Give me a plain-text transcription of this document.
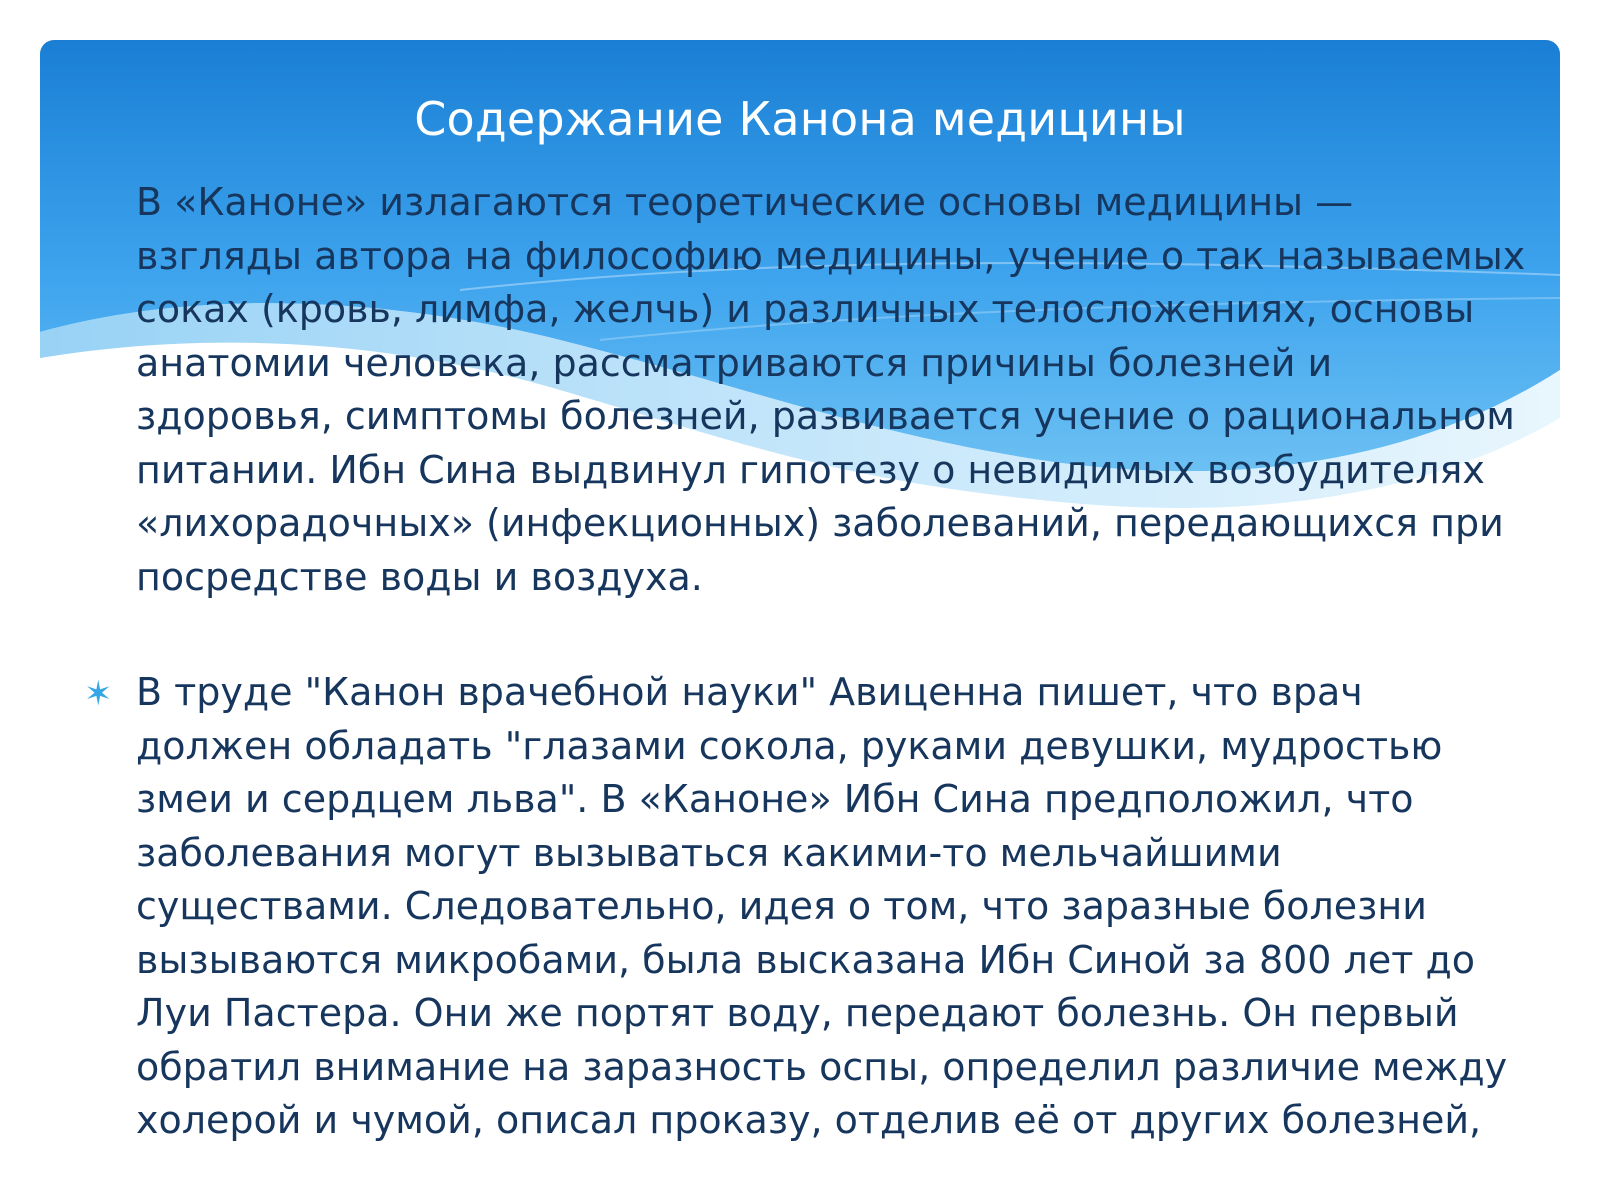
Содержание Канона медицины

В «Каноне» излагаются теоретические основы медицины — взгляды автора на философию медицины, учение о так называемых соках (кровь, лимфа, желчь) и различных телосложениях, основы анатомии человека, рассматриваются причины болезней и здоровья, симптомы болезней, развивается учение о рациональном питании. Ибн Сина выдвинул гипотезу о невидимых возбудителях «лихорадочных» (инфекционных) заболеваний, передающихся при посредстве воды и воздуха.

✶ В труде "Канон врачебной науки" Авиценна пишет, что врач должен обладать "глазами сокола, руками девушки, мудростью змеи и сердцем льва". В «Каноне» Ибн Сина предположил, что заболевания могут вызываться какими-то мельчайшими существами. Следовательно, идея о том, что заразные болезни вызываются микробами, была высказана Ибн Синой за 800 лет до Луи Пастера. Они же портят воду, передают болезнь. Он первый обратил внимание на заразность оспы, определил различие между холерой и чумой, описал проказу, отделив её от других болезней,
